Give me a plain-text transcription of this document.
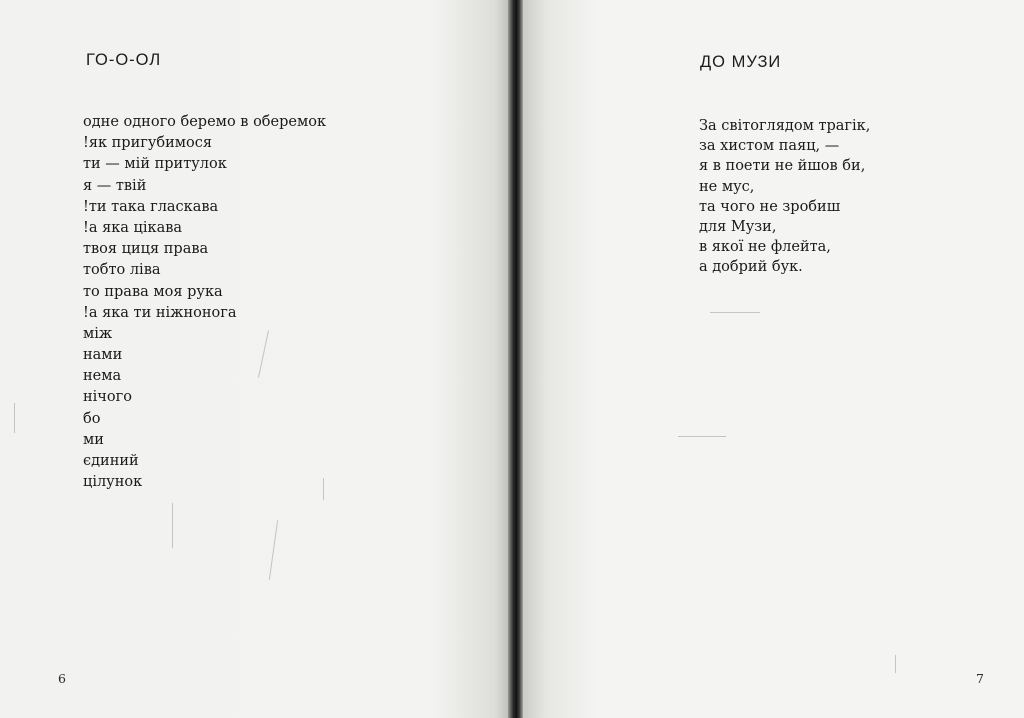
ГО-О-ОЛ
одне одного беремо в оберемок
!як пригубимося
ти — мій притулок
я — твій
!ти така гласкава
!а яка цікава
твоя циця права
тобто ліва
то права моя рука
!а яка ти ніжнонога
між
нами
нема
нічого
бо
ми
єдиний
цілунок
6
ДО МУЗИ
За світоглядом трагік,
за хистом паяц, —
я в поети не йшов би,
не мус,
та чого не зробиш
для Музи,
в якої не флейта,
а добрий бук.
7
